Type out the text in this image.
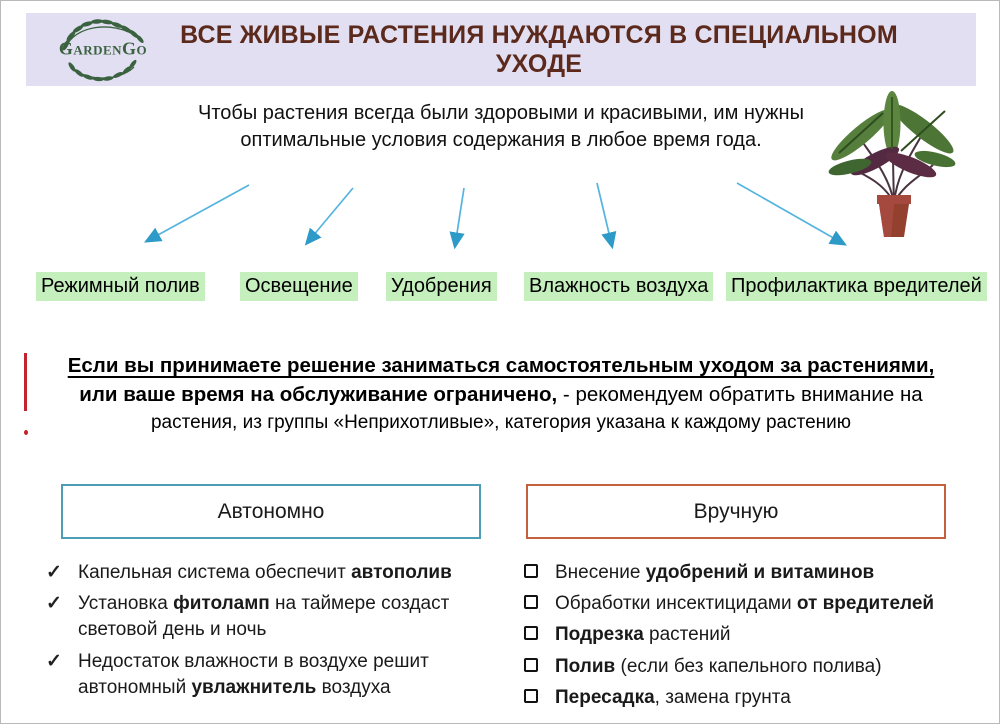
GardenGo	ВСЕ ЖИВЫЕ РАСТЕНИЯ НУЖДАЮТСЯ В СПЕЦИАЛЬНОМ УХОДЕ
Чтобы растения всегда были здоровыми и красивыми, им нужны
оптимальные условия содержания в любое время года.
Режимный полив Освещение Удобрения Влажность воздуха Профилактика вредителей
Если вы принимаете решение заниматься самостоятельным уходом за растениями,
или ваше время на обслуживание ограничено, - рекомендуем обратить внимание на
растения, из группы «Неприхотливые», категория указана к каждому растению
Автономно	Вручную
✓ Капельная система обеспечит автополив
✓ Установка фитоламп на таймере создаст световой день и ночь
✓ Недостаток влажности в воздухе решит автономный увлажнитель воздуха
Внесение удобрений и витаминов
Обработки инсектицидами от вредителей
Подрезка растений
Полив (если без капельного полива)
Пересадка, замена грунта
